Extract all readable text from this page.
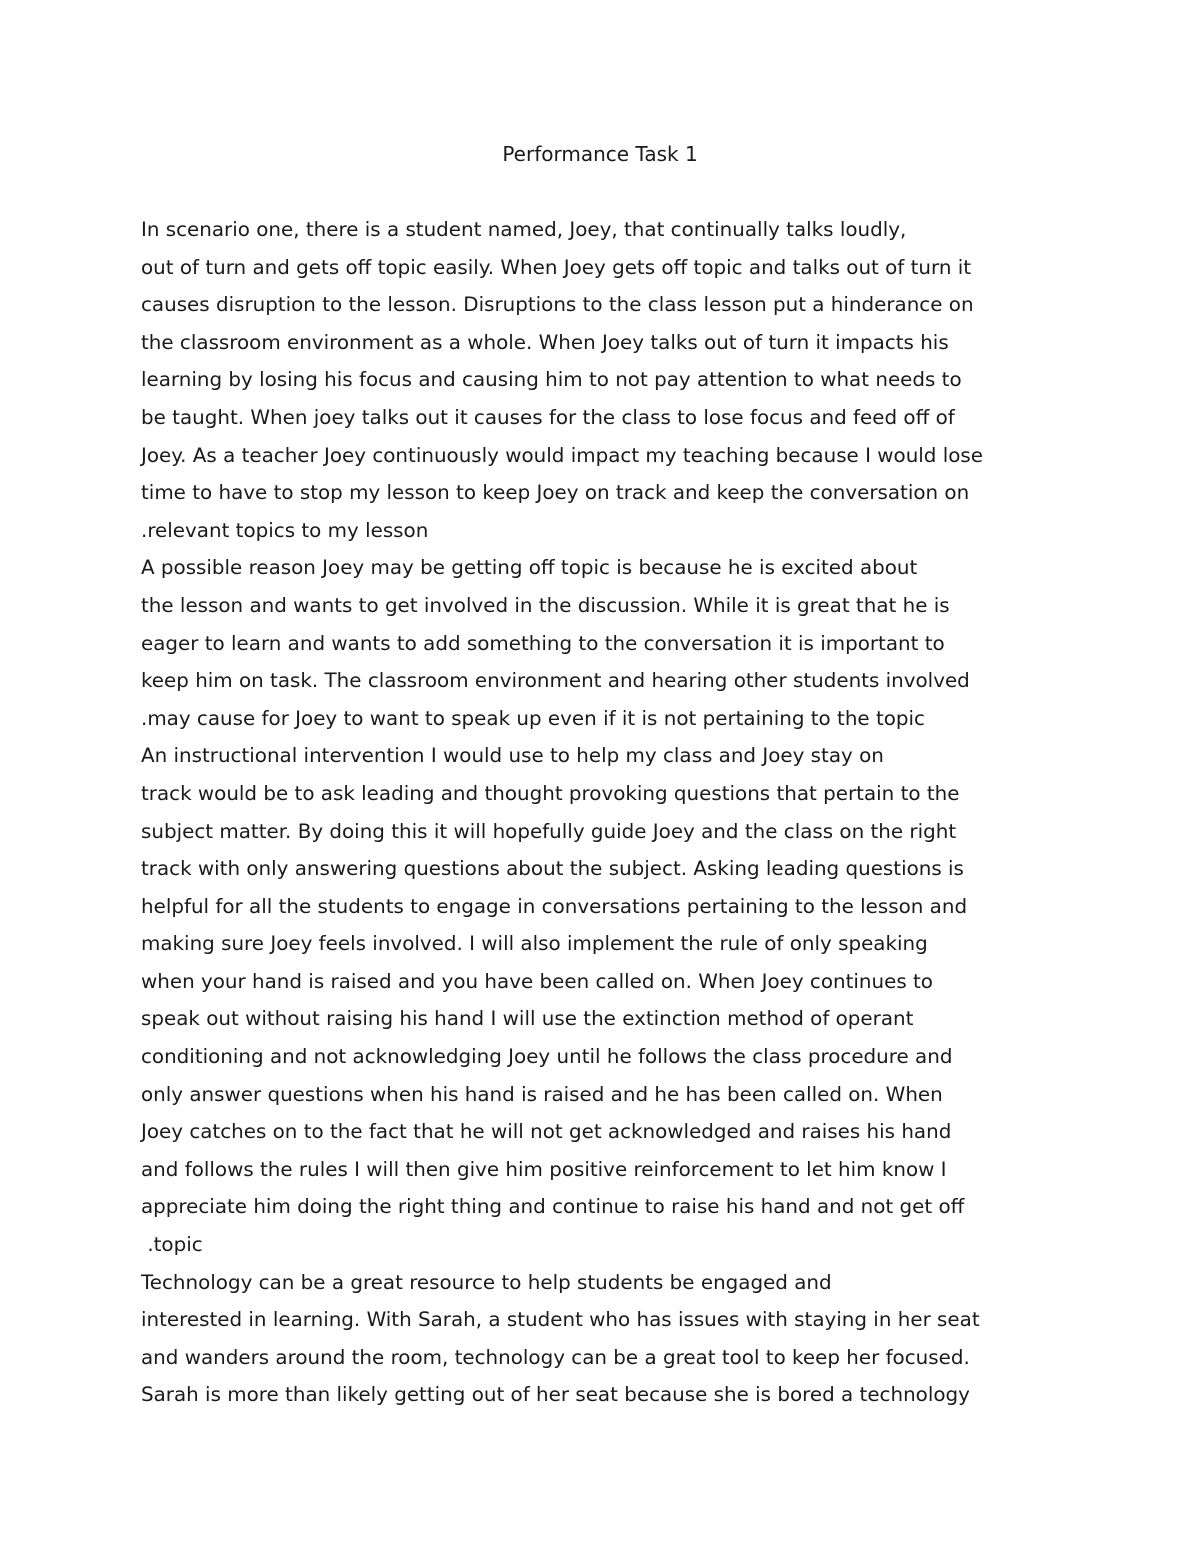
Performance Task 1
In scenario one, there is a student named, Joey, that continually talks loudly,
out of turn and gets off topic easily. When Joey gets off topic and talks out of turn it
causes disruption to the lesson. Disruptions to the class lesson put a hinderance on
the classroom environment as a whole. When Joey talks out of turn it impacts his
learning by losing his focus and causing him to not pay attention to what needs to
be taught. When joey talks out it causes for the class to lose focus and feed off of
Joey. As a teacher Joey continuously would impact my teaching because I would lose
time to have to stop my lesson to keep Joey on track and keep the conversation on
.relevant topics to my lesson
A possible reason Joey may be getting off topic is because he is excited about
the lesson and wants to get involved in the discussion. While it is great that he is
eager to learn and wants to add something to the conversation it is important to
keep him on task. The classroom environment and hearing other students involved
.may cause for Joey to want to speak up even if it is not pertaining to the topic
An instructional intervention I would use to help my class and Joey stay on
track would be to ask leading and thought provoking questions that pertain to the
subject matter. By doing this it will hopefully guide Joey and the class on the right
track with only answering questions about the subject. Asking leading questions is
helpful for all the students to engage in conversations pertaining to the lesson and
making sure Joey feels involved. I will also implement the rule of only speaking
when your hand is raised and you have been called on. When Joey continues to
speak out without raising his hand I will use the extinction method of operant
conditioning and not acknowledging Joey until he follows the class procedure and
only answer questions when his hand is raised and he has been called on. When
Joey catches on to the fact that he will not get acknowledged and raises his hand
and follows the rules I will then give him positive reinforcement to let him know I
appreciate him doing the right thing and continue to raise his hand and not get off
.topic
Technology can be a great resource to help students be engaged and
interested in learning. With Sarah, a student who has issues with staying in her seat
and wanders around the room, technology can be a great tool to keep her focused.
Sarah is more than likely getting out of her seat because she is bored a technology
